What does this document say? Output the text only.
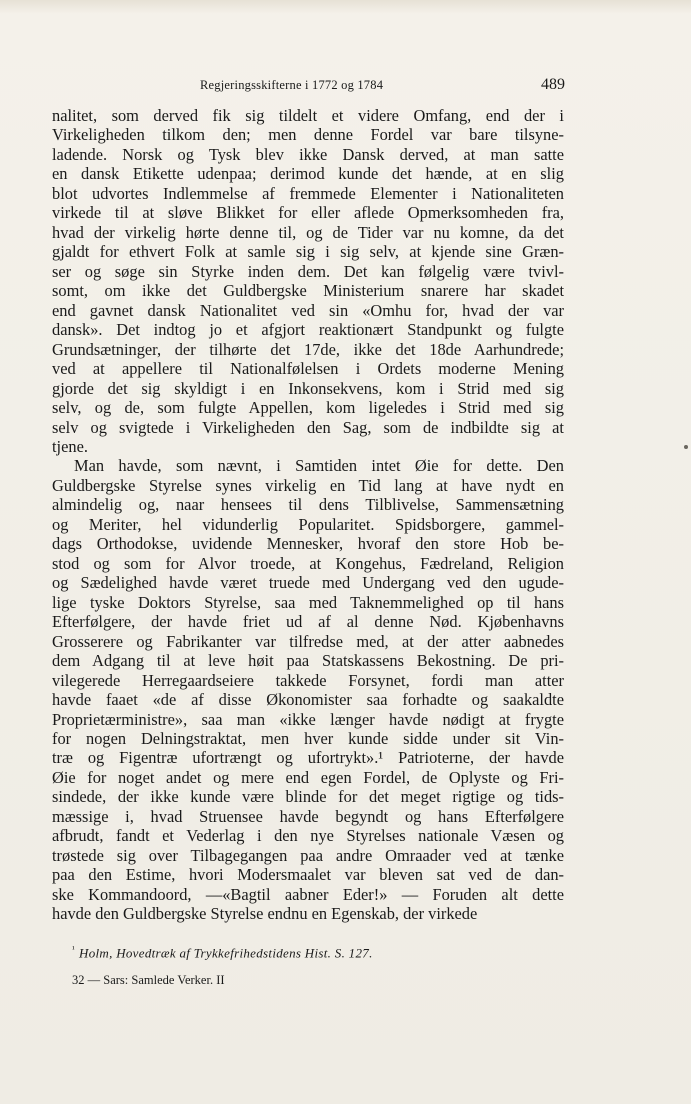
Regjeringsskifterne i 1772 og 1784	489
nalitet, som derved fik sig tildelt et videre Omfang, end der i
Virkeligheden tilkom den; men denne Fordel var bare tilsyne-
ladende. Norsk og Tysk blev ikke Dansk derved, at man satte
en dansk Etikette udenpaa; derimod kunde det hænde, at en slig
blot udvortes Indlemmelse af fremmede Elementer i Nationaliteten
virkede til at sløve Blikket for eller aflede Opmerksomheden fra,
hvad der virkelig hørte denne til, og de Tider var nu komne, da det
gjaldt for ethvert Folk at samle sig i sig selv, at kjende sine Græn-
ser og søge sin Styrke inden dem. Det kan følgelig være tvivl-
somt, om ikke det Guldbergske Ministerium snarere har skadet
end gavnet dansk Nationalitet ved sin «Omhu for, hvad der var
dansk». Det indtog jo et afgjort reaktionært Standpunkt og fulgte
Grundsætninger, der tilhørte det 17de, ikke det 18de Aarhundrede;
ved at appellere til Nationalfølelsen i Ordets moderne Mening
gjorde det sig skyldigt i en Inkonsekvens, kom i Strid med sig
selv, og de, som fulgte Appellen, kom ligeledes i Strid med sig
selv og svigtede i Virkeligheden den Sag, som de indbildte sig at
tjene.
Man havde, som nævnt, i Samtiden intet Øie for dette. Den
Guldbergske Styrelse synes virkelig en Tid lang at have nydt en
almindelig og, naar hensees til dens Tilblivelse, Sammensætning
og Meriter, hel vidunderlig Popularitet. Spidsborgere, gammel-
dags Orthodokse, uvidende Mennesker, hvoraf den store Hob be-
stod og som for Alvor troede, at Kongehus, Fædreland, Religion
og Sædelighed havde været truede med Undergang ved den ugude-
lige tyske Doktors Styrelse, saa med Taknemmelighed op til hans
Efterfølgere, der havde friet ud af al denne Nød. Kjøbenhavns
Grosserere og Fabrikanter var tilfredse med, at der atter aabnedes
dem Adgang til at leve høit paa Statskassens Bekostning. De pri-
vilegerede Herregaardseiere takkede Forsynet, fordi man atter
havde faaet «de af disse Økonomister saa forhadte og saakaldte
Proprietærministre», saa man «ikke længer havde nødigt at frygte
for nogen Delningstraktat, men hver kunde sidde under sit Vin-
træ og Figentræ ufortrængt og ufortrykt».¹ Patrioterne, der havde
Øie for noget andet og mere end egen Fordel, de Oplyste og Fri-
sindede, der ikke kunde være blinde for det meget rigtige og tids-
mæssige i, hvad Struensee havde begyndt og hans Efterfølgere
afbrudt, fandt et Vederlag i den nye Styrelses nationale Væsen og
trøstede sig over Tilbagegangen paa andre Omraader ved at tænke
paa den Estime, hvori Modersmaalet var bleven sat ved de dan-
ske Kommandoord, —«Bagtil aabner Eder!» — Foruden alt dette
havde den Guldbergske Styrelse endnu en Egenskab, der virkede
$^{^1}$ Holm, Hovedtræk af Trykkefrihedstidens Hist. S. 127.
32 — Sars: Samlede Verker. II
